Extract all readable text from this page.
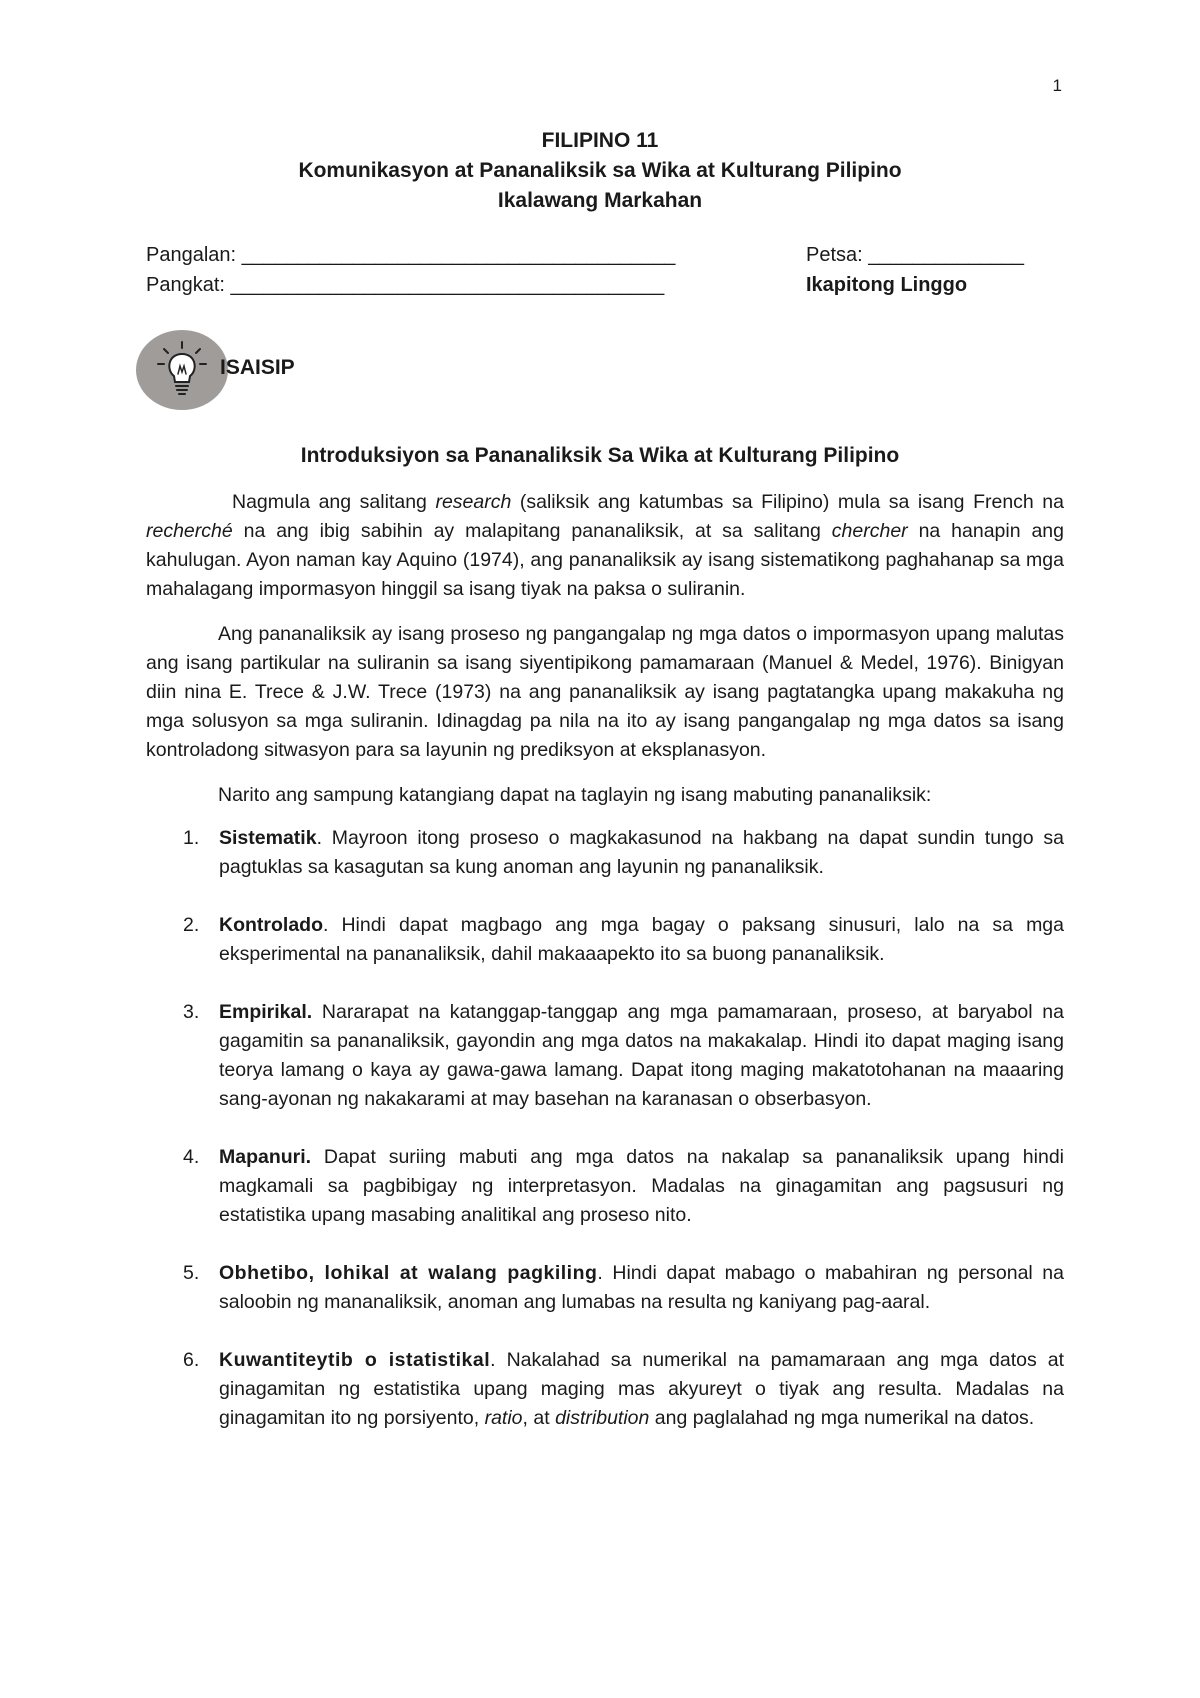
1
FILIPINO 11
Komunikasyon at Pananaliksik sa Wika at Kulturang Pilipino
Ikalawang Markahan
Pangalan: _______________________________________	Petsa: ______________
Pangkat: _______________________________________	Ikapitong Linggo
ISAISIP
Introduksiyon sa Pananaliksik Sa Wika at Kulturang Pilipino

Nagmula ang salitang research (saliksik ang katumbas sa Filipino) mula sa isang French na recherché na ang ibig sabihin ay malapitang pananaliksik, at sa salitang chercher na hanapin ang kahulugan. Ayon naman kay Aquino (1974), ang pananaliksik ay isang sistematikong paghahanap sa mga mahalagang impormasyon hinggil sa isang tiyak na paksa o suliranin.

Ang pananaliksik ay isang proseso ng pangangalap ng mga datos o impormasyon upang malutas ang isang partikular na suliranin sa isang siyentipikong pamamaraan (Manuel & Medel, 1976). Binigyan diin nina E. Trece & J.W. Trece (1973) na ang pananaliksik ay isang pagtatangka upang makakuha ng mga solusyon sa mga suliranin. Idinagdag pa nila na ito ay isang pangangalap ng mga datos sa isang kontroladong sitwasyon para sa layunin ng prediksyon at eksplanasyon.

Narito ang sampung katangiang dapat na taglayin ng isang mabuting pananaliksik:

1. Sistematik. Mayroon itong proseso o magkakasunod na hakbang na dapat sundin tungo sa pagtuklas sa kasagutan sa kung anoman ang layunin ng pananaliksik.
2. Kontrolado. Hindi dapat magbago ang mga bagay o paksang sinusuri, lalo na sa mga eksperimental na pananaliksik, dahil makaaapekto ito sa buong pananaliksik.
3. Empirikal. Nararapat na katanggap-tanggap ang mga pamamaraan, proseso, at baryabol na gagamitin sa pananaliksik, gayondin ang mga datos na makakalap. Hindi ito dapat maging isang teorya lamang o kaya ay gawa-gawa lamang. Dapat itong maging makatotohanan na maaaring sang-ayonan ng nakakarami at may basehan na karanasan o obserbasyon.
4. Mapanuri. Dapat suriing mabuti ang mga datos na nakalap sa pananaliksik upang hindi magkamali sa pagbibigay ng interpretasyon. Madalas na ginagamitan ang pagsusuri ng estatistika upang masabing analitikal ang proseso nito.
5. Obhetibo, lohikal at walang pagkiling. Hindi dapat mabago o mabahiran ng personal na saloobin ng mananaliksik, anoman ang lumabas na resulta ng kaniyang pag-aaral.
6. Kuwantiteytib o istatistikal. Nakalahad sa numerikal na pamamaraan ang mga datos at ginagamitan ng estatistika upang maging mas akyureyt o tiyak ang resulta. Madalas na ginagamitan ito ng porsiyento, ratio, at distribution ang paglalahad ng mga numerikal na datos.
